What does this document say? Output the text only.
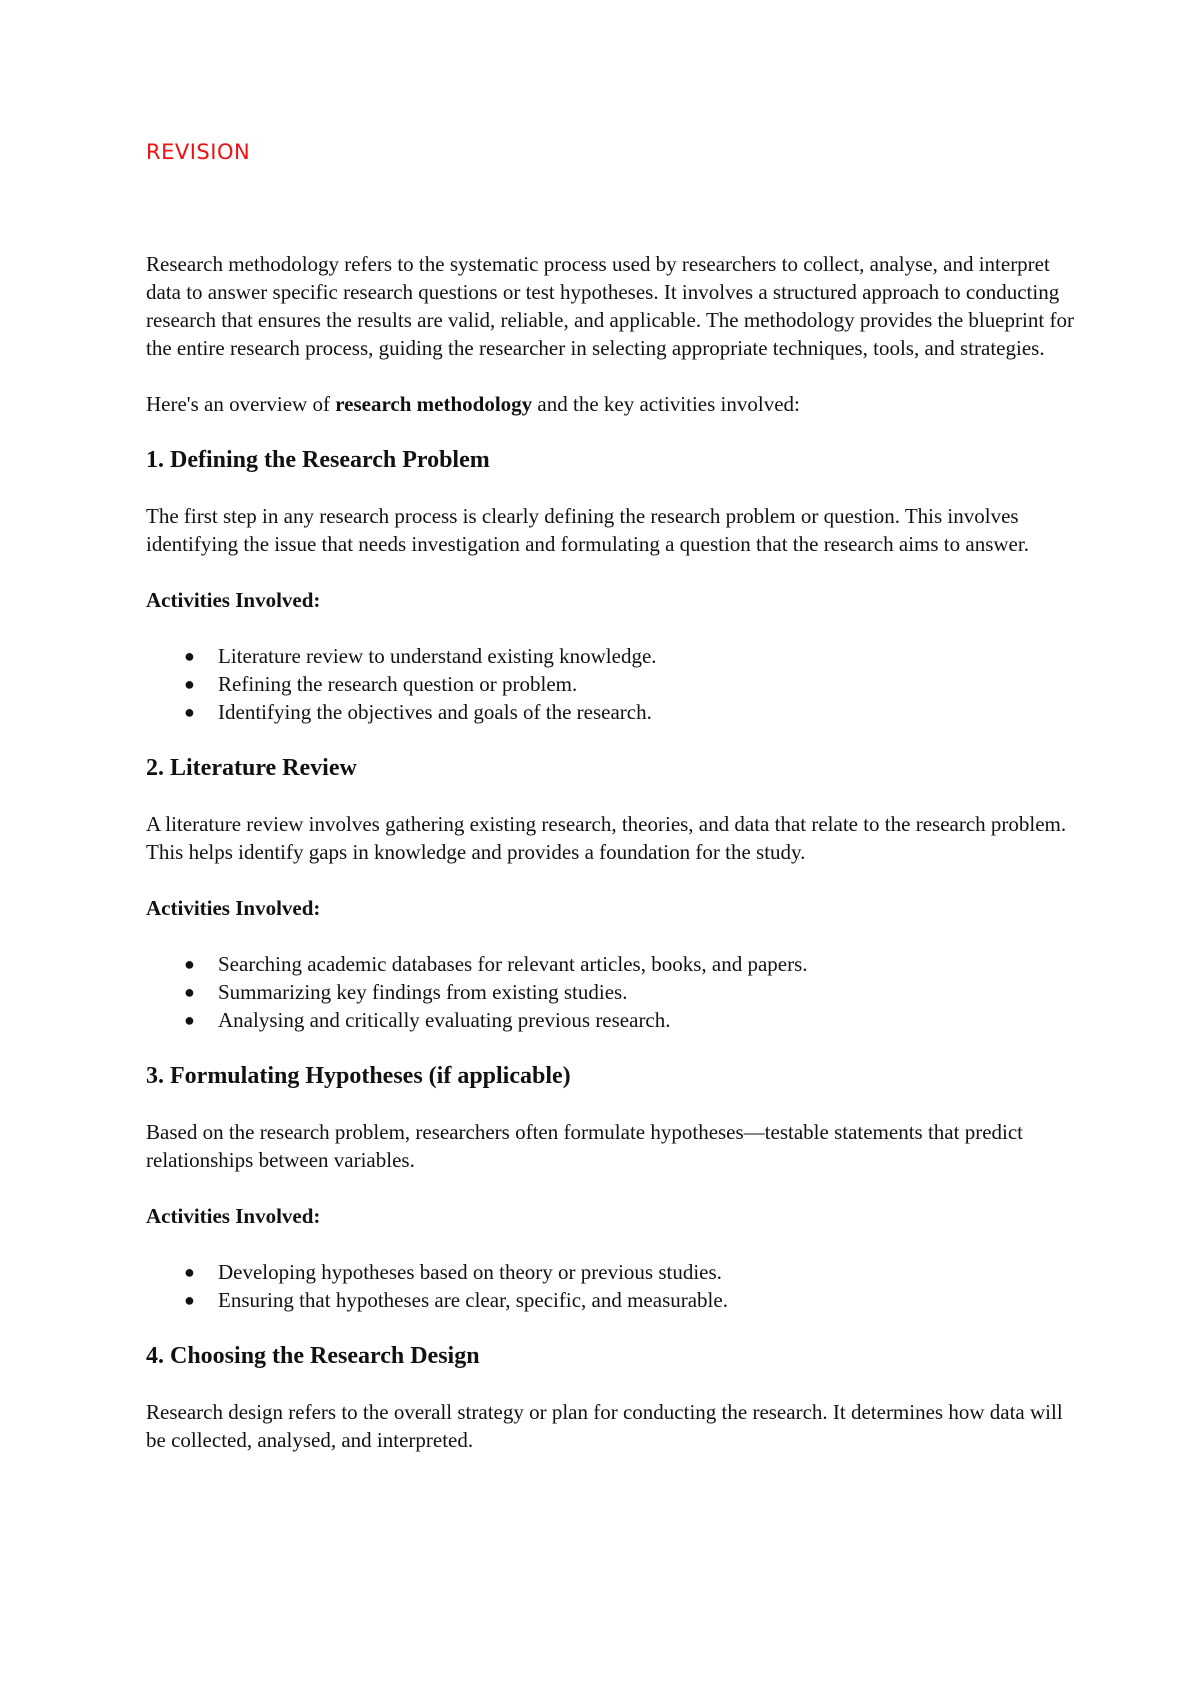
REVISION

Research methodology refers to the systematic process used by researchers to collect, analyse, and interpret data to answer specific research questions or test hypotheses. It involves a structured approach to conducting research that ensures the results are valid, reliable, and applicable. The methodology provides the blueprint for the entire research process, guiding the researcher in selecting appropriate techniques, tools, and strategies.

Here's an overview of research methodology and the key activities involved:

1. Defining the Research Problem

The first step in any research process is clearly defining the research problem or question. This involves identifying the issue that needs investigation and formulating a question that the research aims to answer.

Activities Involved:

● Literature review to understand existing knowledge.
● Refining the research question or problem.
● Identifying the objectives and goals of the research.
2. Literature Review

A literature review involves gathering existing research, theories, and data that relate to the research problem. This helps identify gaps in knowledge and provides a foundation for the study.

Activities Involved:

● Searching academic databases for relevant articles, books, and papers.
● Summarizing key findings from existing studies.
● Analysing and critically evaluating previous research.
3. Formulating Hypotheses (if applicable)

Based on the research problem, researchers often formulate hypotheses—testable statements that predict relationships between variables.

Activities Involved:

● Developing hypotheses based on theory or previous studies.
● Ensuring that hypotheses are clear, specific, and measurable.
4. Choosing the Research Design

Research design refers to the overall strategy or plan for conducting the research. It determines how data will be collected, analysed, and interpreted.
